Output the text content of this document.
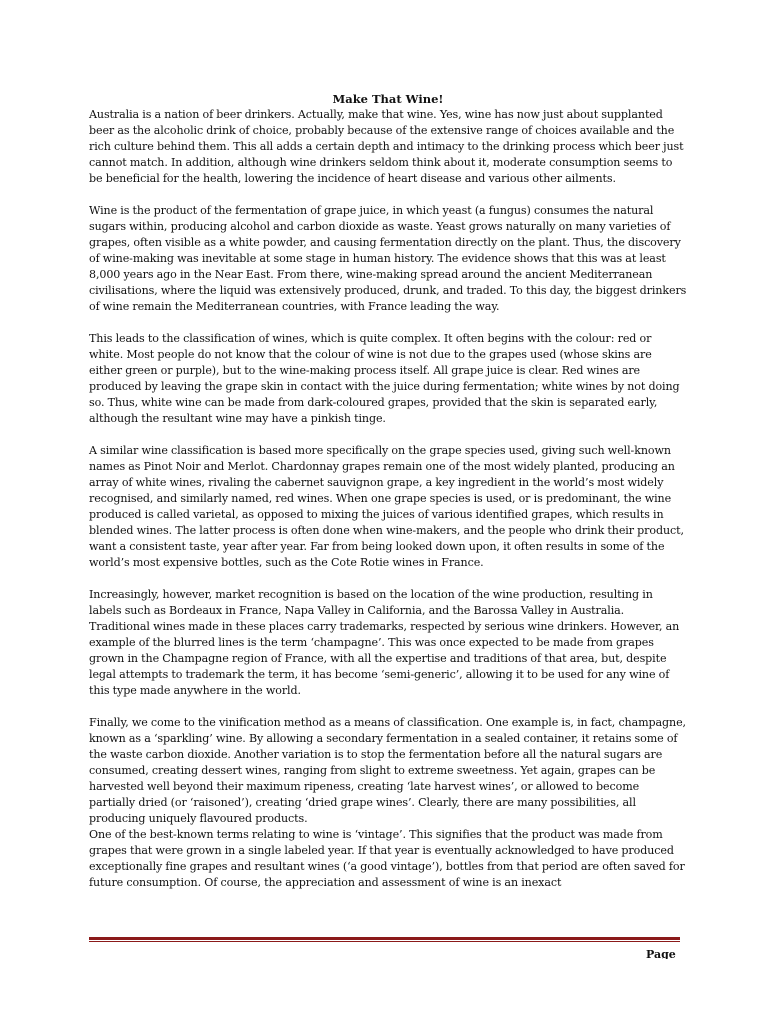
Make That Wine!

Australia is a nation of beer drinkers. Actually, make that wine. Yes, wine has now just about supplanted beer as the alcoholic drink of choice, probably because of the extensive range of choices available and the rich culture behind them. This all adds a certain depth and intimacy to the drinking process which beer just cannot match. In addition, although wine drinkers seldom think about it, moderate consumption seems to be beneficial for the health, lowering the incidence of heart disease and various other ailments.

Wine is the product of the fermentation of grape juice, in which yeast (a fungus) consumes the natural sugars within, producing alcohol and carbon dioxide as waste. Yeast grows naturally on many varieties of grapes, often visible as a white powder, and causing fermentation directly on the plant. Thus, the discovery of wine-making was inevitable at some stage in human history. The evidence shows that this was at least 8,000 years ago in the Near East. From there, wine-making spread around the ancient Mediterranean civilisations, where the liquid was extensively produced, drunk, and traded. To this day, the biggest drinkers of wine remain the Mediterranean countries, with France leading the way.

This leads to the classification of wines, which is quite complex. It often begins with the colour: red or white. Most people do not know that the colour of wine is not due to the grapes used (whose skins are either green or purple), but to the wine-making process itself. All grape juice is clear. Red wines are produced by leaving the grape skin in contact with the juice during fermentation; white wines by not doing so. Thus, white wine can be made from dark-coloured grapes, provided that the skin is separated early, although the resultant wine may have a pinkish tinge.

A similar wine classification is based more specifically on the grape species used, giving such well-known names as Pinot Noir and Merlot. Chardonnay grapes remain one of the most widely planted, producing an array of white wines, rivaling the cabernet sauvignon grape, a key ingredient in the world’s most widely recognised, and similarly named, red wines. When one grape species is used, or is predominant, the wine produced is called varietal, as opposed to mixing the juices of various identified grapes, which results in blended wines. The latter process is often done when wine-makers, and the people who drink their product, want a consistent taste, year after year. Far from being looked down upon, it often results in some of the world’s most expensive bottles, such as the Cote Rotie wines in France.

Increasingly, however, market recognition is based on the location of the wine production, resulting in labels such as Bordeaux in France, Napa Valley in California, and the Barossa Valley in Australia. Traditional wines made in these places carry trademarks, respected by serious wine drinkers. However, an example of the blurred lines is the term ‘champagne’. This was once expected to be made from grapes grown in the Champagne region of France, with all the expertise and traditions of that area, but, despite legal attempts to trademark the term, it has become ‘semi-generic’, allowing it to be used for any wine of this type made anywhere in the world.

Finally, we come to the vinification method as a means of classification. One example is, in fact, champagne, known as a ‘sparkling’ wine. By allowing a secondary fermentation in a sealed container, it retains some of the waste carbon dioxide. Another variation is to stop the fermentation before all the natural sugars are consumed, creating dessert wines, ranging from slight to extreme sweetness. Yet again, grapes can be harvested well beyond their maximum ripeness, creating ‘late harvest wines’, or allowed to become partially dried (or ‘raisoned’), creating ‘dried grape wines’. Clearly, there are many possibilities, all producing uniquely flavoured products.

One of the best-known terms relating to wine is ‘vintage’. This signifies that the product was made from grapes that were grown in a single labeled year. If that year is eventually acknowledged to have produced exceptionally fine grapes and resultant wines (‘a good vintage’), bottles from that period are often saved for future consumption. Of course, the appreciation and assessment of wine is an inexact

Page
